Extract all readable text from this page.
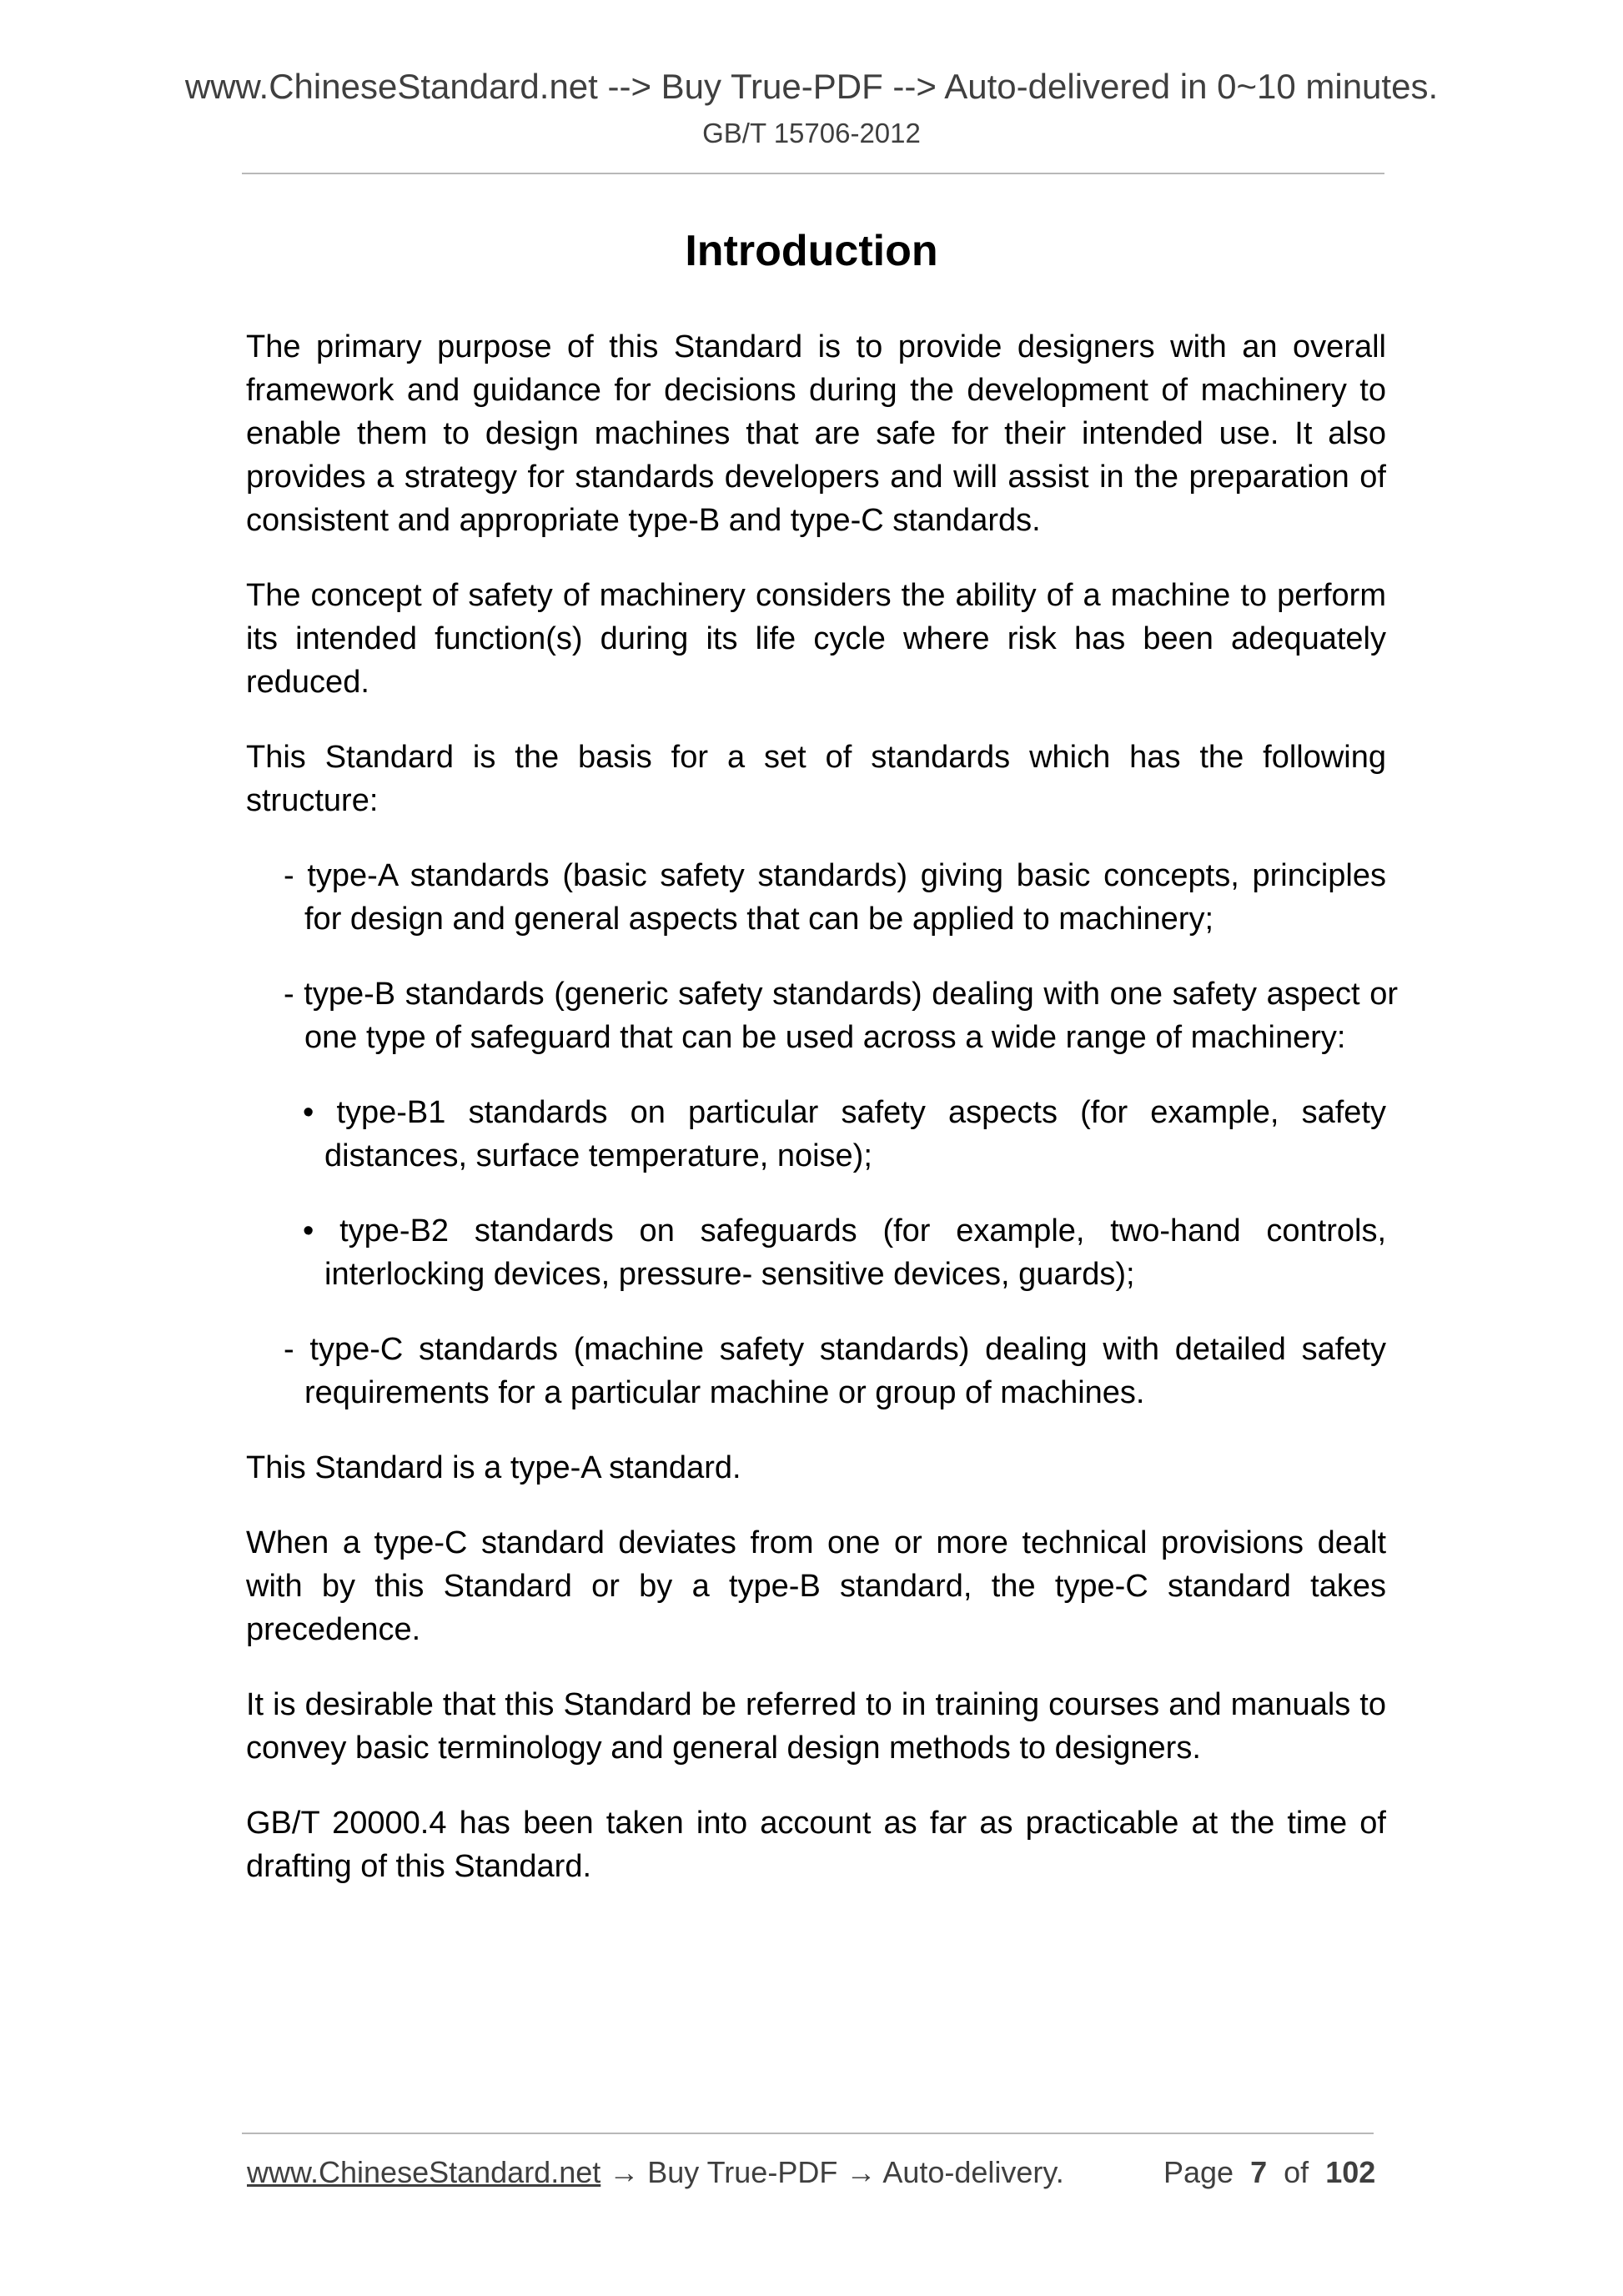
www.ChineseStandard.net --> Buy True-PDF --> Auto-delivered in 0~10 minutes.
GB/T 15706-2012
Introduction

The primary purpose of this Standard is to provide designers with an overall framework and guidance for decisions during the development of machinery to enable them to design machines that are safe for their intended use. It also provides a strategy for standards developers and will assist in the preparation of consistent and appropriate type-B and type-C standards.

The concept of safety of machinery considers the ability of a machine to perform its intended function(s) during its life cycle where risk has been adequately reduced.

This Standard is the basis for a set of standards which has the following structure:

- type-A standards (basic safety standards) giving basic concepts, principles for design and general aspects that can be applied to machinery;

- type-B standards (generic safety standards) dealing with one safety aspect or one type of safeguard that can be used across a wide range of machinery:

• type-B1 standards on particular safety aspects (for example, safety distances, surface temperature, noise);

• type-B2 standards on safeguards (for example, two-hand controls, interlocking devices, pressure- sensitive devices, guards);

- type-C standards (machine safety standards) dealing with detailed safety requirements for a particular machine or group of machines.

This Standard is a type-A standard.

When a type-C standard deviates from one or more technical provisions dealt with by this Standard or by a type-B standard, the type-C standard takes precedence.

It is desirable that this Standard be referred to in training courses and manuals to convey basic terminology and general design methods to designers.

GB/T 20000.4 has been taken into account as far as practicable at the time of drafting of this Standard.

www.ChineseStandard.net → Buy True-PDF → Auto-delivery.	Page 7 of 102
